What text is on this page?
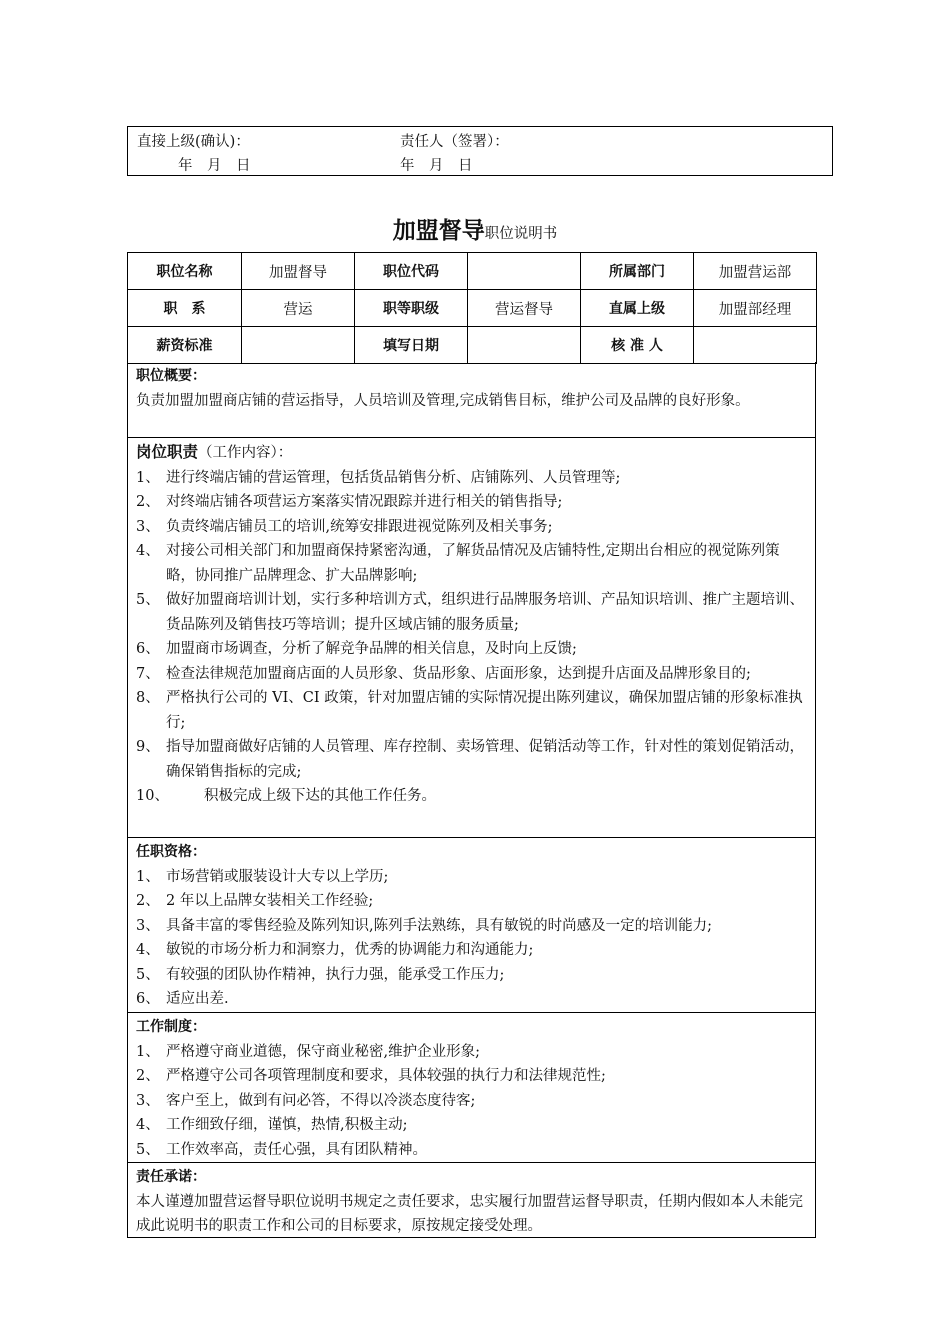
直接上级(确认)：	责任人（签署）：
年　月　日	年　月　日
加盟督导职位说明书
职位名称	加盟督导	职位代码		所属部门	加盟营运部
职　系	营运	职等职级	营运督导	直属上级	加盟部经理
薪资标准		填写日期		核 准 人	
职位概要：
负责加盟加盟商店铺的营运指导，人员培训及管理,完成销售目标，维护公司及品牌的良好形象。
岗位职责（工作内容）：
1、 进行终端店铺的营运管理，包括货品销售分析、店铺陈列、人员管理等;
2、 对终端店铺各项营运方案落实情况跟踪并进行相关的销售指导;
3、 负责终端店铺员工的培训,统筹安排跟进视觉陈列及相关事务;
4、 对接公司相关部门和加盟商保持紧密沟通，了解货品情况及店铺特性,定期出台相应的视觉陈列策略，协同推广品牌理念、扩大品牌影响;
5、 做好加盟商培训计划，实行多种培训方式，组织进行品牌服务培训、产品知识培训、推广主题培训、货品陈列及销售技巧等培训；提升区域店铺的服务质量;
6、 加盟商市场调查，分析了解竞争品牌的相关信息，及时向上反馈;
7、 检查法律规范加盟商店面的人员形象、货品形象、店面形象，达到提升店面及品牌形象目的;
8、 严格执行公司的 VI、CI 政策，针对加盟店铺的实际情况提出陈列建议，确保加盟店铺的形象标准执行;
9、 指导加盟商做好店铺的人员管理、库存控制、卖场管理、促销活动等工作，针对性的策划促销活动，确保销售指标的完成;
10、	积极完成上级下达的其他工作任务。
任职资格：
1、 市场营销或服装设计大专以上学历;
2、 2 年以上品牌女装相关工作经验;
3、 具备丰富的零售经验及陈列知识,陈列手法熟练，具有敏锐的时尚感及一定的培训能力;
4、 敏锐的市场分析力和洞察力，优秀的协调能力和沟通能力;
5、 有较强的团队协作精神，执行力强，能承受工作压力;
6、 适应出差.
工作制度：
1、 严格遵守商业道德，保守商业秘密,维护企业形象;
2、 严格遵守公司各项管理制度和要求，具体较强的执行力和法律规范性;
3、 客户至上，做到有问必答，不得以冷淡态度待客;
4、 工作细致仔细，谨慎，热情,积极主动;
5、 工作效率高，责任心强，具有团队精神。
责任承诺：
本人谨遵加盟营运督导职位说明书规定之责任要求，忠实履行加盟营运督导职责，任期内假如本人未能完成此说明书的职责工作和公司的目标要求，原按规定接受处理。
